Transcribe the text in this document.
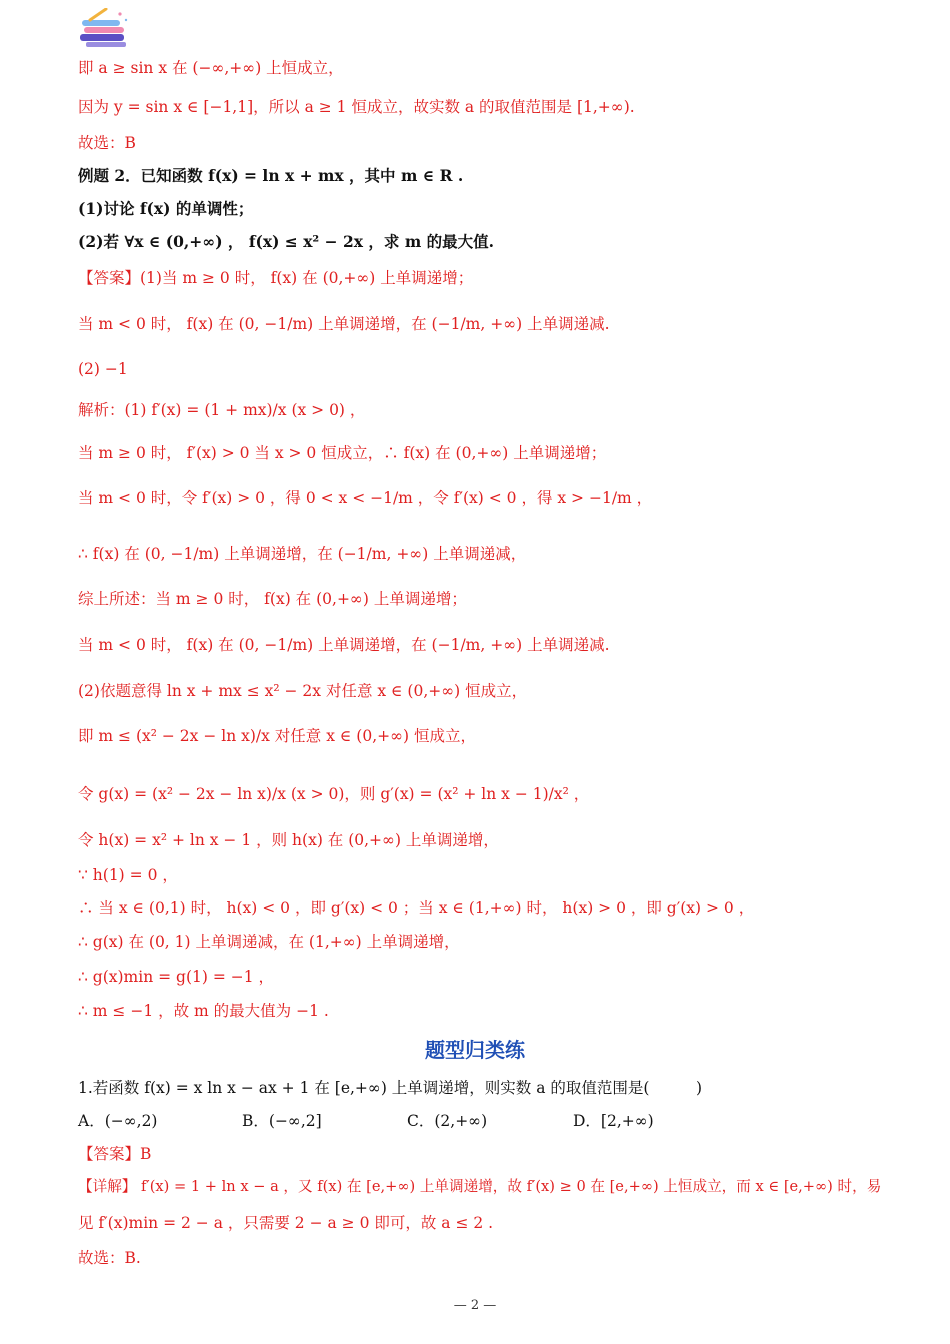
即 a ≥ sin x 在 (−∞,+∞) 上恒成立，
因为 y = sin x ∈ [−1,1]，所以 a ≥ 1 恒成立，故实数 a 的取值范围是 [1,+∞).
故选：B
例题 2．已知函数 f(x) = ln x + mx ，其中 m ∈ R .
(1)讨论 f(x) 的单调性；
(2)若 ∀x ∈ (0,+∞) ， f(x) ≤ x² − 2x ，求 m 的最大值.
【答案】(1)当 m ≥ 0 时， f(x) 在 (0,+∞) 上单调递增；
当 m < 0 时， f(x) 在 (0, −1/m) 上单调递增，在 (−1/m, +∞) 上单调递减.
(2) −1
解析：(1) f′(x) = (1 + mx)/x (x > 0) ，
当 m ≥ 0 时， f′(x) > 0 当 x > 0 恒成立，∴ f(x) 在 (0,+∞) 上单调递增；
当 m < 0 时，令 f′(x) > 0 ，得 0 < x < −1/m ，令 f′(x) < 0 ，得 x > −1/m ，
∴ f(x) 在 (0, −1/m) 上单调递增，在 (−1/m, +∞) 上单调递减，
综上所述：当 m ≥ 0 时， f(x) 在 (0,+∞) 上单调递增；
当 m < 0 时， f(x) 在 (0, −1/m) 上单调递增，在 (−1/m, +∞) 上单调递减.
(2)依题意得 ln x + mx ≤ x² − 2x 对任意 x ∈ (0,+∞) 恒成立，
即 m ≤ (x² − 2x − ln x)/x 对任意 x ∈ (0,+∞) 恒成立，
令 g(x) = (x² − 2x − ln x)/x (x > 0)，则 g′(x) = (x² + ln x − 1)/x² ，
令 h(x) = x² + ln x − 1 ，则 h(x) 在 (0,+∞) 上单调递增，
∵ h(1) = 0 ，
∴ 当 x ∈ (0,1) 时， h(x) < 0 ，即 g′(x) < 0 ；当 x ∈ (1,+∞) 时， h(x) > 0 ，即 g′(x) > 0 ，
∴ g(x) 在 (0, 1) 上单调递减，在 (1,+∞) 上单调递增，
∴ g(x)min = g(1) = −1 ，
∴ m ≤ −1 ，故 m 的最大值为 −1 .
题型归类练
1.若函数 f(x) = x ln x − ax + 1 在 [e,+∞) 上单调递增，则实数 a 的取值范围是(　　　)
A．(−∞,2)	B．(−∞,2]	C．(2,+∞)	D．[2,+∞)
【答案】B
【详解】 f′(x) = 1 + ln x − a ，又 f(x) 在 [e,+∞) 上单调递增，故 f′(x) ≥ 0 在 [e,+∞) 上恒成立，而 x ∈ [e,+∞) 时，易
见 f′(x)min = 2 − a ，只需要 2 − a ≥ 0 即可，故 a ≤ 2 .
故选：B.
— 2 —
